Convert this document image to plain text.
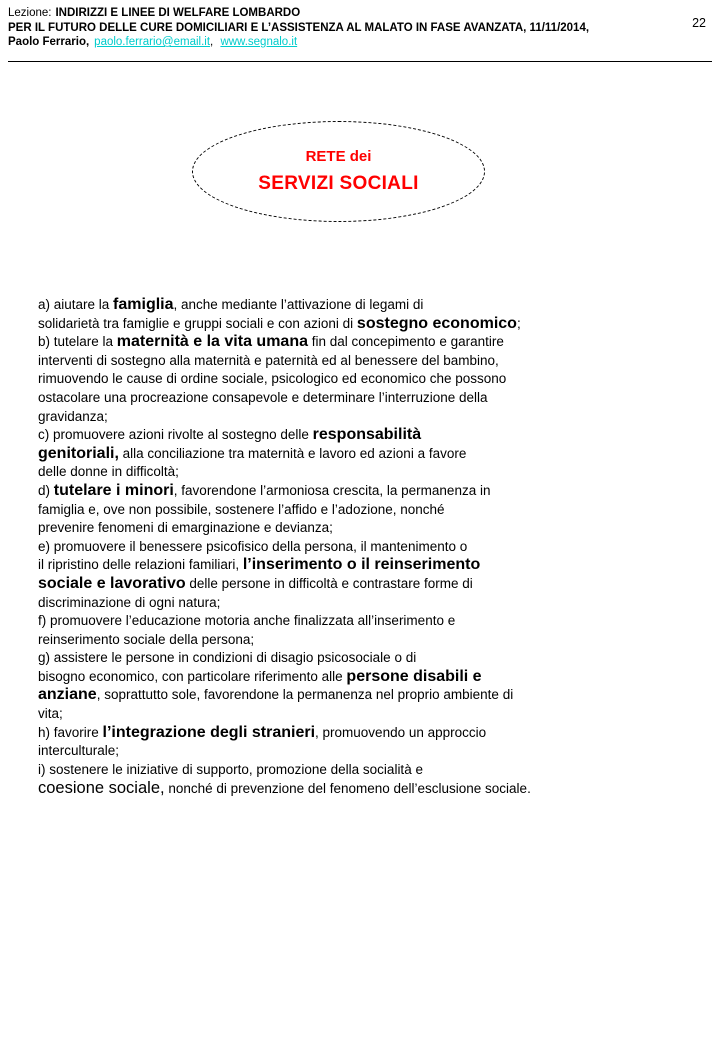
Lezione: INDIRIZZI E LINEE DI WELFARE LOMBARDO
PER IL FUTURO DELLE CURE DOMICILIARI E L’ASSISTENZA AL MALATO IN FASE AVANZATA, 11/11/2014,
Paolo Ferrario, paolo.ferrario@email.it, www.segnalo.it
22
RETE dei
SERVIZI SOCIALI
a) aiutare la famiglia, anche mediante l’attivazione di legami di
solidarietà tra famiglie e gruppi sociali e con azioni di sostegno economico;
b) tutelare la maternità e la vita umana fin dal concepimento e garantire
interventi di sostegno alla maternità e paternità ed al benessere del bambino,
rimuovendo le cause di ordine sociale, psicologico ed economico che possono
ostacolare una procreazione consapevole e determinare l’interruzione della
gravidanza;
c) promuovere azioni rivolte al sostegno delle responsabilità
genitoriali, alla conciliazione tra maternità e lavoro ed azioni a favore
delle donne in difficoltà;
d) tutelare i minori, favorendone l’armoniosa crescita, la permanenza in
famiglia e, ove non possibile, sostenere l’affido e l’adozione, nonché
prevenire fenomeni di emarginazione e devianza;
e) promuovere il benessere psicofisico della persona, il mantenimento o
il ripristino delle relazioni familiari, l’inserimento o il reinserimento
sociale e lavorativo delle persone in difficoltà e contrastare forme di
discriminazione di ogni natura;
f) promuovere l’educazione motoria anche finalizzata all’inserimento e
reinserimento sociale della persona;
g) assistere le persone in condizioni di disagio psicosociale o di
bisogno economico, con particolare riferimento alle persone disabili e
anziane, soprattutto sole, favorendone la permanenza nel proprio ambiente di
vita;
h) favorire l’integrazione degli stranieri, promuovendo un approccio
interculturale;
i) sostenere le iniziative di supporto, promozione della socialità e
coesione sociale, nonché di prevenzione del fenomeno dell’esclusione sociale.
